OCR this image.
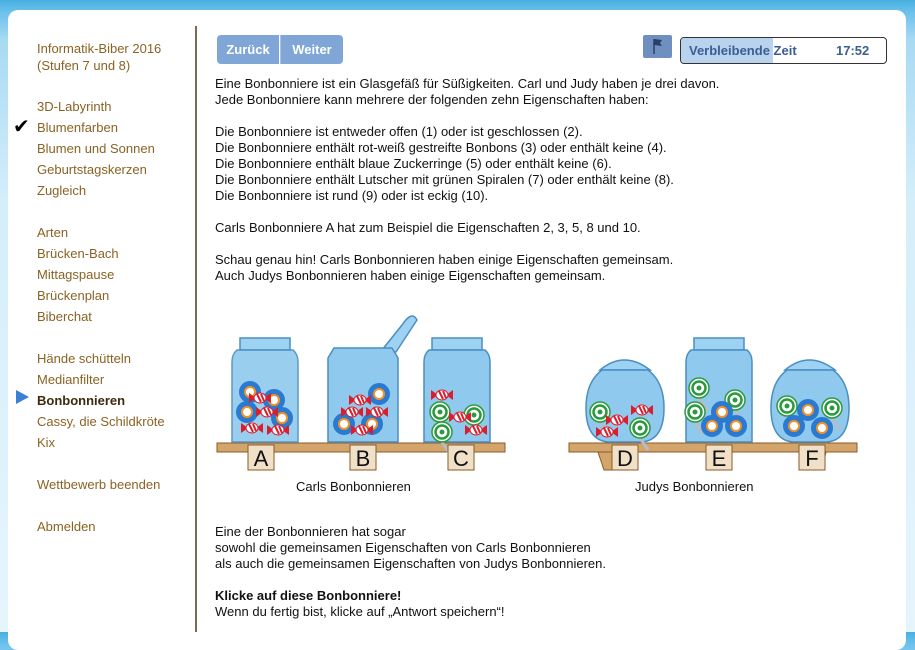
Informatik-Biber 2016
(Stufen 7 und 8)
✔
3D-Labyrinth
Blumenfarben
Blumen und Sonnen
Geburtstagskerzen
Zugleich
Arten
Brücken-Bach
Mittagspause
Brückenplan
Biberchat
Hände schütteln
Medianfilter
Bonbonnieren
Cassy, die Schildkröte
Kix
Wettbewerb beenden
Abmelden
Zurück	Weiter	Verbleibende Zeit	17:52
Eine Bonbonniere ist ein Glasgefäß für Süßigkeiten. Carl und Judy haben je drei davon.
Jede Bonbonniere kann mehrere der folgenden zehn Eigenschaften haben:
Die Bonbonniere ist entweder offen (1) oder ist geschlossen (2).
Die Bonbonniere enthält rot-weiß gestreifte Bonbons (3) oder enthält keine (4).
Die Bonbonniere enthält blaue Zuckerringe (5) oder enthält keine (6).
Die Bonbonniere enthält Lutscher mit grünen Spiralen (7) oder enthält keine (8).
Die Bonbonniere ist rund (9) oder ist eckig (10).
Carls Bonbonniere A hat zum Beispiel die Eigenschaften 2, 3, 5, 8 und 10.
Schau genau hin! Carls Bonbonnieren haben einige Eigenschaften gemeinsam.
Auch Judys Bonbonnieren haben einige Eigenschaften gemeinsam.
A	B	C	D	E	F
Carls Bonbonnieren	Judys Bonbonnieren
Eine der Bonbonnieren hat sogar
sowohl die gemeinsamen Eigenschaften von Carls Bonbonnieren
als auch die gemeinsamen Eigenschaften von Judys Bonbonnieren.
Klicke auf diese Bonbonniere!
Wenn du fertig bist, klicke auf „Antwort speichern“!
